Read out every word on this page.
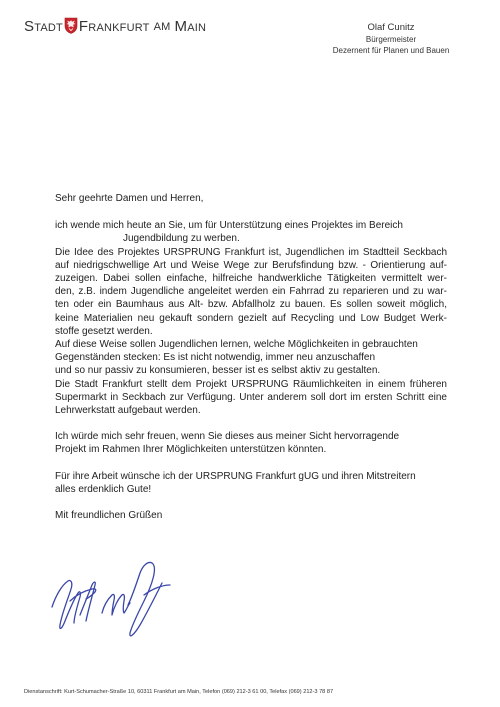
STADT FRANKFURT AM MAIN	Olaf Cunitz
Bürgermeister
Dezernent für Planen und Bauen

Sehr geehrte Damen und Herren,

ich wende mich heute an Sie, um für Unterstützung eines Projektes im Bereich
Jugendbildung zu werben.

Die Idee des Projektes URSPRUNG Frankfurt ist, Jugendlichen im Stadtteil Seckbach
auf niedrigschwellige Art und Weise Wege zur Berufsfindung bzw. - Orientierung auf-
zuzeigen. Dabei sollen einfache, hilfreiche handwerkliche Tätigkeiten vermittelt wer-
den, z.B. indem Jugendliche angeleitet werden ein Fahrrad zu reparieren und zu war-
ten oder ein Baumhaus aus Alt- bzw. Abfallholz zu bauen. Es sollen soweit möglich,
keine Materialien neu gekauft sondern gezielt auf Recycling und Low Budget Werk-
stoffe gesetzt werden.

Auf diese Weise sollen Jugendlichen lernen, welche Möglichkeiten in gebrauchten
Gegenständen stecken: Es ist nicht notwendig, immer neu anzuschaffen
und so nur passiv zu konsumieren, besser ist es selbst aktiv zu gestalten.

Die Stadt Frankfurt stellt dem Projekt URSPRUNG Räumlichkeiten in einem früheren
Supermarkt in Seckbach zur Verfügung. Unter anderem soll dort im ersten Schritt eine
Lehrwerkstatt aufgebaut werden.

Ich würde mich sehr freuen, wenn Sie dieses aus meiner Sicht hervorragende
Projekt im Rahmen Ihrer Möglichkeiten unterstützen könnten.

Für ihre Arbeit wünsche ich der URSPRUNG Frankfurt gUG und ihren Mitstreitern
alles erdenklich Gute!

Mit freundlichen Grüßen

Dienstanschrift: Kurt-Schumacher-Straße 10, 60311 Frankfurt am Main, Telefon (069) 212-3 61 00, Telefax (069) 212-3 78 87
